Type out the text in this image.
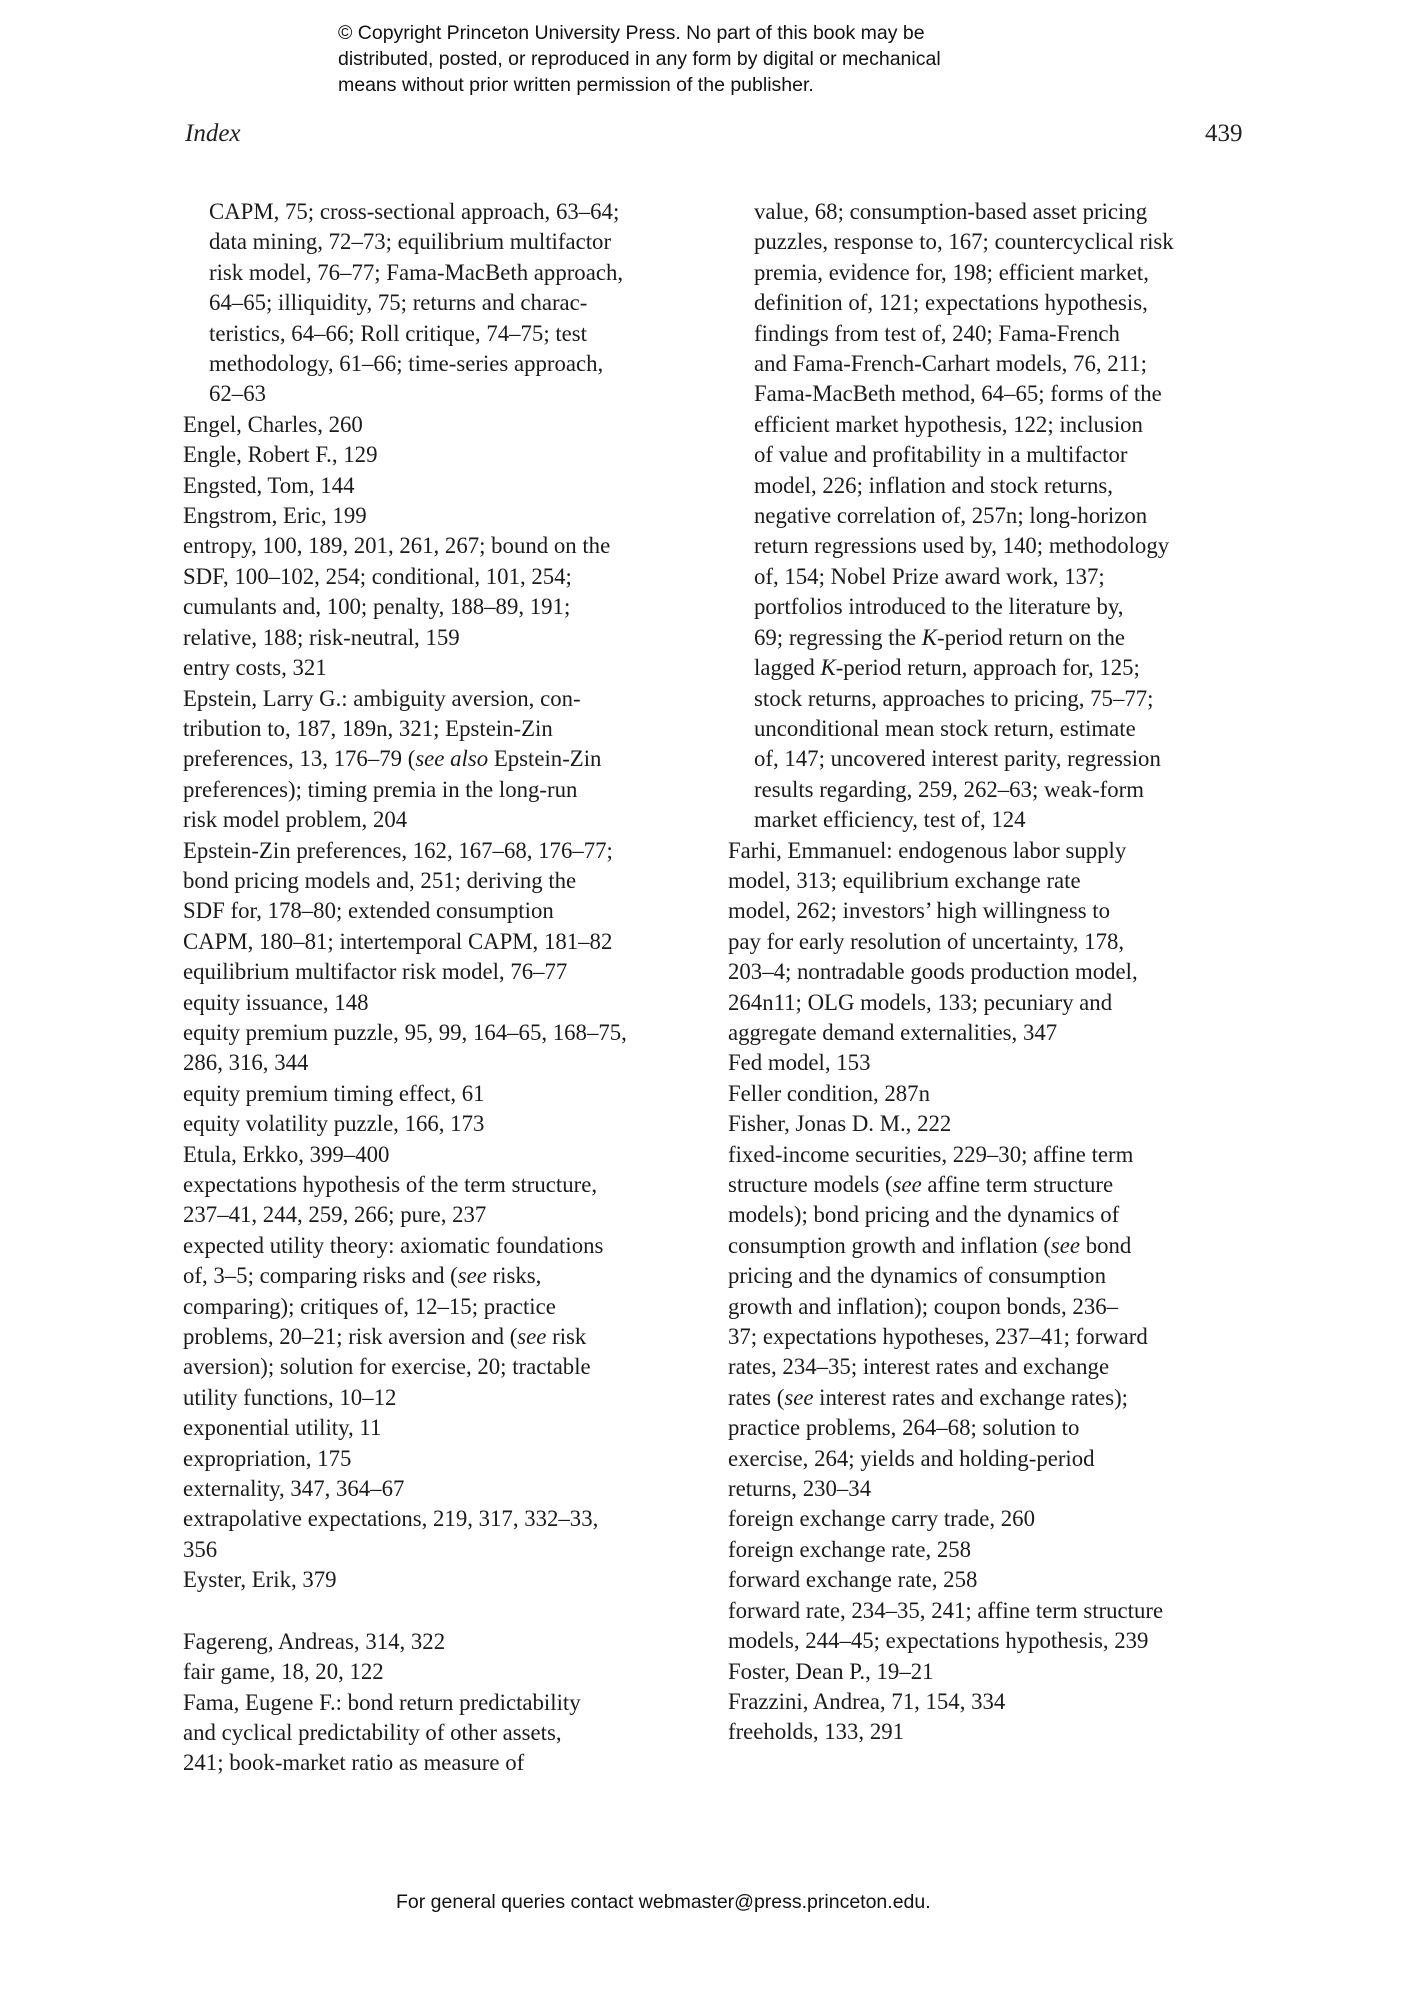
© Copyright Princeton University Press. No part of this book may be
distributed, posted, or reproduced in any form by digital or mechanical
means without prior written permission of the publisher.
Index	439
CAPM, 75; cross-sectional approach, 63–64;
data mining, 72–73; equilibrium multifactor
risk model, 76–77; Fama-MacBeth approach,
64–65; illiquidity, 75; returns and charac-
teristics, 64–66; Roll critique, 74–75; test
methodology, 61–66; time-series approach,
62–63
Engel, Charles, 260
Engle, Robert F., 129
Engsted, Tom, 144
Engstrom, Eric, 199
entropy, 100, 189, 201, 261, 267; bound on the
SDF, 100–102, 254; conditional, 101, 254;
cumulants and, 100; penalty, 188–89, 191;
relative, 188; risk-neutral, 159
entry costs, 321
Epstein, Larry G.: ambiguity aversion, con-
tribution to, 187, 189n, 321; Epstein-Zin
preferences, 13, 176–79 (see also Epstein-Zin
preferences); timing premia in the long-run
risk model problem, 204
Epstein-Zin preferences, 162, 167–68, 176–77;
bond pricing models and, 251; deriving the
SDF for, 178–80; extended consumption
CAPM, 180–81; intertemporal CAPM, 181–82
equilibrium multifactor risk model, 76–77
equity issuance, 148
equity premium puzzle, 95, 99, 164–65, 168–75,
286, 316, 344
equity premium timing effect, 61
equity volatility puzzle, 166, 173
Etula, Erkko, 399–400
expectations hypothesis of the term structure,
237–41, 244, 259, 266; pure, 237
expected utility theory: axiomatic foundations
of, 3–5; comparing risks and (see risks,
comparing); critiques of, 12–15; practice
problems, 20–21; risk aversion and (see risk
aversion); solution for exercise, 20; tractable
utility functions, 10–12
exponential utility, 11
expropriation, 175
externality, 347, 364–67
extrapolative expectations, 219, 317, 332–33,
356
Eyster, Erik, 379
Fagereng, Andreas, 314, 322
fair game, 18, 20, 122
Fama, Eugene F.: bond return predictability
and cyclical predictability of other assets,
241; book-market ratio as measure of
value, 68; consumption-based asset pricing
puzzles, response to, 167; countercyclical risk
premia, evidence for, 198; efficient market,
definition of, 121; expectations hypothesis,
findings from test of, 240; Fama-French
and Fama-French-Carhart models, 76, 211;
Fama-MacBeth method, 64–65; forms of the
efficient market hypothesis, 122; inclusion
of value and profitability in a multifactor
model, 226; inflation and stock returns,
negative correlation of, 257n; long-horizon
return regressions used by, 140; methodology
of, 154; Nobel Prize award work, 137;
portfolios introduced to the literature by,
69; regressing the K-period return on the
lagged K-period return, approach for, 125;
stock returns, approaches to pricing, 75–77;
unconditional mean stock return, estimate
of, 147; uncovered interest parity, regression
results regarding, 259, 262–63; weak-form
market efficiency, test of, 124
Farhi, Emmanuel: endogenous labor supply
model, 313; equilibrium exchange rate
model, 262; investors’ high willingness to
pay for early resolution of uncertainty, 178,
203–4; nontradable goods production model,
264n11; OLG models, 133; pecuniary and
aggregate demand externalities, 347
Fed model, 153
Feller condition, 287n
Fisher, Jonas D. M., 222
fixed-income securities, 229–30; affine term
structure models (see affine term structure
models); bond pricing and the dynamics of
consumption growth and inflation (see bond
pricing and the dynamics of consumption
growth and inflation); coupon bonds, 236–
37; expectations hypotheses, 237–41; forward
rates, 234–35; interest rates and exchange
rates (see interest rates and exchange rates);
practice problems, 264–68; solution to
exercise, 264; yields and holding-period
returns, 230–34
foreign exchange carry trade, 260
foreign exchange rate, 258
forward exchange rate, 258
forward rate, 234–35, 241; affine term structure
models, 244–45; expectations hypothesis, 239
Foster, Dean P., 19–21
Frazzini, Andrea, 71, 154, 334
freeholds, 133, 291
For general queries contact webmaster@press.princeton.edu.
